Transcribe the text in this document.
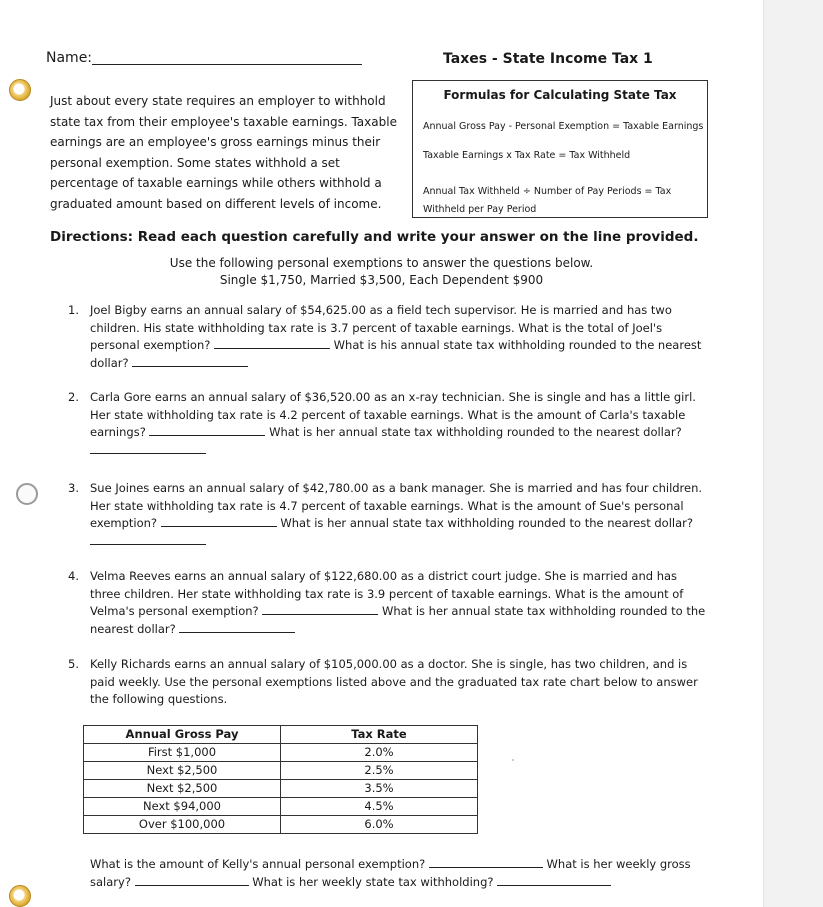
Name:	Taxes - State Income Tax 1

Just about every state requires an employer to withhold state tax from their employee's taxable earnings. Taxable earnings are an employee's gross earnings minus their personal exemption. Some states withhold a set percentage of taxable earnings while others withhold a graduated amount based on different levels of income.

Formulas for Calculating State Tax
Annual Gross Pay - Personal Exemption = Taxable Earnings
Taxable Earnings x Tax Rate = Tax Withheld
Annual Tax Withheld ÷ Number of Pay Periods = Tax Withheld per Pay Period
Directions: Read each question carefully and write your answer on the line provided.
Use the following personal exemptions to answer the questions below.
Single $1,750, Married $3,500, Each Dependent $900
1. Joel Bigby earns an annual salary of $54,625.00 as a field tech supervisor. He is married and has two children. His state withholding tax rate is 3.7 percent of taxable earnings. What is the total of Joel's personal exemption?	What is his annual state tax withholding rounded to the nearest dollar?
2. Carla Gore earns an annual salary of $36,520.00 as an x-ray technician. She is single and has a little girl. Her state withholding tax rate is 4.2 percent of taxable earnings. What is the amount of Carla's taxable earnings?	What is her annual state tax withholding rounded to the nearest dollar?
3. Sue Joines earns an annual salary of $42,780.00 as a bank manager. She is married and has four children. Her state withholding tax rate is 4.7 percent of taxable earnings. What is the amount of Sue's personal exemption?	What is her annual state tax withholding rounded to the nearest dollar?
4. Velma Reeves earns an annual salary of $122,680.00 as a district court judge. She is married and has three children. Her state withholding tax rate is 3.9 percent of taxable earnings. What is the amount of Velma's personal exemption?	What is her annual state tax withholding rounded to the nearest dollar?
5. Kelly Richards earns an annual salary of $105,000.00 as a doctor. She is single, has two children, and is paid weekly. Use the personal exemptions listed above and the graduated tax rate chart below to answer the following questions.
Annual Gross Pay	Tax Rate
First $1,000	2.0%
Next $2,500	2.5%
Next $2,500	3.5%
Next $94,000	4.5%
Over $100,000	6.0%
What is the amount of Kelly's annual personal exemption?	What is her weekly gross salary?	What is her weekly state tax withholding?
